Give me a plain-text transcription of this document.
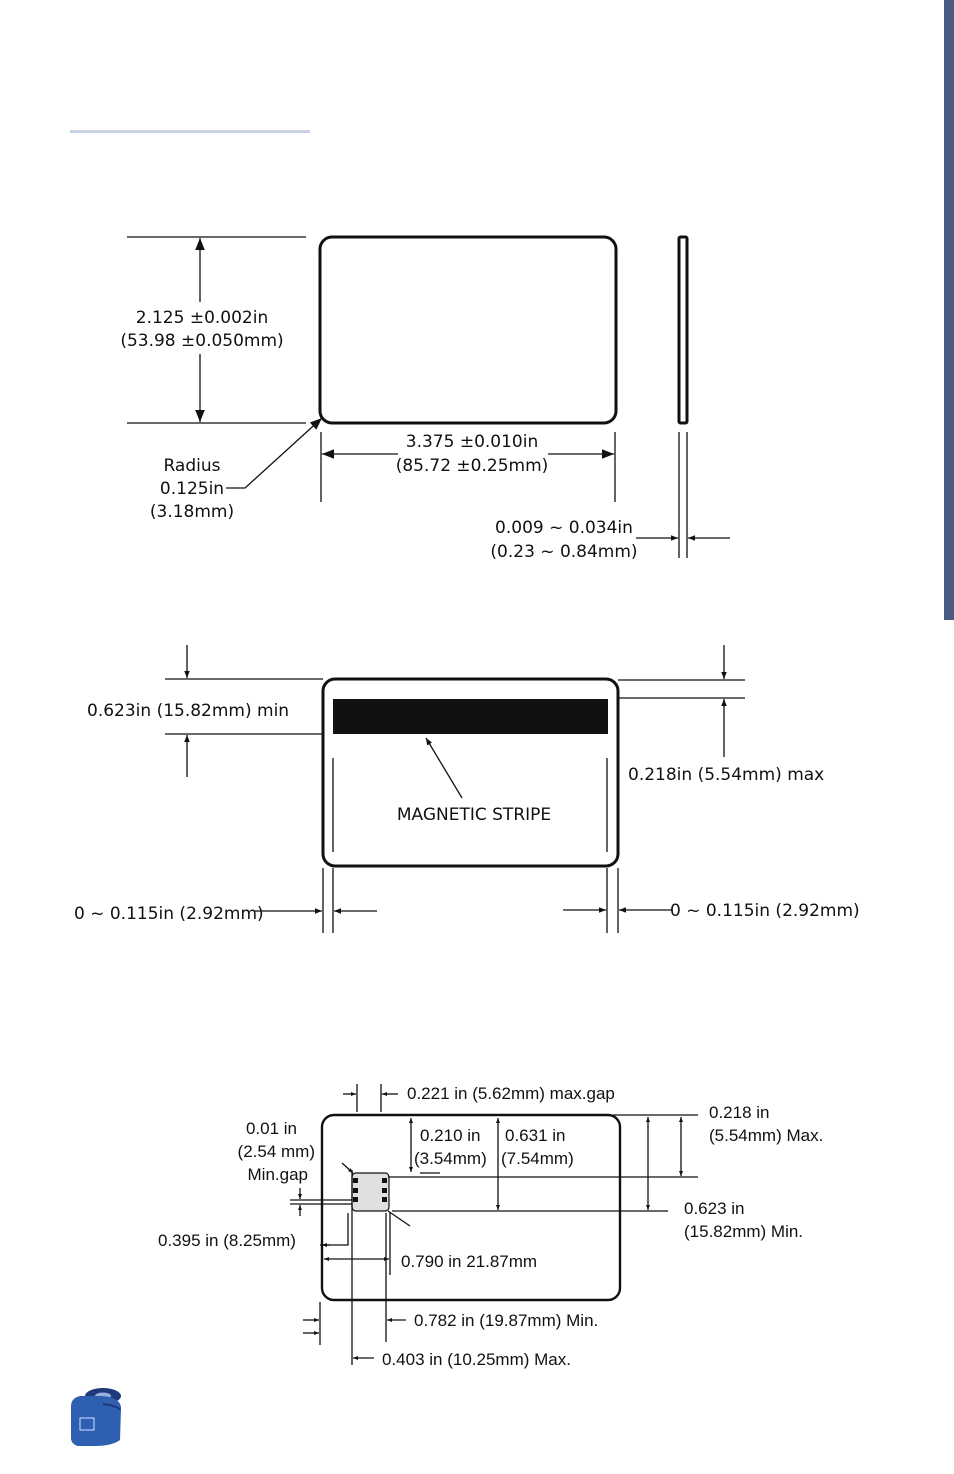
2.125 ±0.002in
(53.98 ±0.050mm)
3.375 ±0.010in
(85.72 ±0.25mm)
Radius
0.125in
(3.18mm)
0.009 ~ 0.034in
(0.23 ~ 0.84mm)
0.623in (15.82mm) min
0.218in (5.54mm) max
MAGNETIC STRIPE
0 ~ 0.115in (2.92mm)	0 ~ 0.115in (2.92mm)
0.221 in (5.62mm) max.gap
0.210 in
(3.54mm)
0.631 in
(7.54mm)
0.218 in
(5.54mm) Max.
0.623 in
(15.82mm) Min.
0.01 in
(2.54 mm)
Min.gap
0.395 in (8.25mm)
0.790 in 21.87mm
0.782 in (19.87mm) Min.
0.403 in (10.25mm) Max.
